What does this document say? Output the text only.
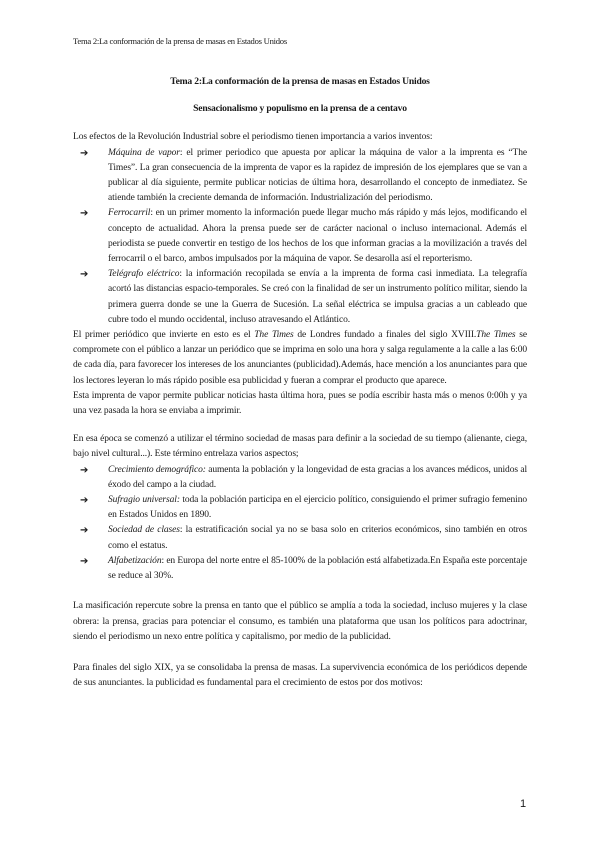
Tema 2:La conformación de la prensa de masas en Estados Unidos
Tema 2:La conformación de la prensa de masas en Estados Unidos
Sensacionalismo y populismo en la prensa de a centavo

Los efectos de la Revolución Industrial sobre el periodismo tienen importancia a varios inventos:

➔ Máquina de vapor: el primer periodico que apuesta por aplicar la máquina de valor a la imprenta es “The Times”. La gran consecuencia de la imprenta de vapor es la rapidez de impresión de los ejemplares que se van a publicar al día siguiente, permite publicar noticias de última hora, desarrollando el concepto de inmediatez. Se atiende también la creciente demanda de información. Industrialización del periodismo.
➔ Ferrocarril: en un primer momento la información puede llegar mucho más rápido y más lejos, modificando el concepto de actualidad. Ahora la prensa puede ser de carácter nacional o incluso internacional. Además el periodista se puede convertir en testigo de los hechos de los que informan gracias a la movilización a través del ferrocarril o el barco, ambos impulsados por la máquina de vapor. Se desarolla así el reporterismo.
➔ Telégrafo eléctrico: la información recopilada se envía a la imprenta de forma casi inmediata. La telegrafía acortó las distancias espacio-temporales. Se creó con la finalidad de ser un instrumento político militar, siendo la primera guerra donde se une la Guerra de Sucesión. La señal eléctrica se impulsa gracias a un cableado que cubre todo el mundo occidental, incluso atravesando el Atlántico.

El primer periódico que invierte en esto es el The Times de Londres fundado a finales del siglo XVIII.The Times se compromete con el público a lanzar un periódico que se imprima en solo una hora y salga regulamente a la calle a las 6:00 de cada día, para favorecer los intereses de los anunciantes (publicidad).Además, hace mención a los anunciantes para que los lectores leyeran lo más rápido posible esa publicidad y fueran a comprar el producto que aparece.

Esta imprenta de vapor permite publicar noticias hasta última hora, pues se podía escribir hasta más o menos 0:00h y ya una vez pasada la hora se enviaba a imprimir.

En esa época se comenzó a utilizar el término sociedad de masas para definir a la sociedad de su tiempo (alienante, ciega, bajo nivel cultural...). Este término entrelaza varios aspectos;

➔ Crecimiento demográfico: aumenta la población y la longevidad de esta gracias a los avances médicos, unidos al éxodo del campo a la ciudad.
➔ Sufragio universal: toda la población participa en el ejercicio político, consiguiendo el primer sufragio femenino en Estados Unidos en 1890.
➔ Sociedad de clases: la estratificación social ya no se basa solo en criterios económicos, sino también en otros como el estatus.
➔ Alfabetización: en Europa del norte entre el 85-100% de la población está alfabetizada.En España este porcentaje se reduce al 30%.

La masificación repercute sobre la prensa en tanto que el público se amplía a toda la sociedad, incluso mujeres y la clase obrera: la prensa, gracias para potenciar el consumo, es también una plataforma que usan los políticos para adoctrinar, siendo el periodismo un nexo entre política y capitalismo, por medio de la publicidad.

Para finales del siglo XIX, ya se consolidaba la prensa de masas. La supervivencia económica de los periódicos depende de sus anunciantes. la publicidad es fundamental para el crecimiento de estos por dos motivos:

1
